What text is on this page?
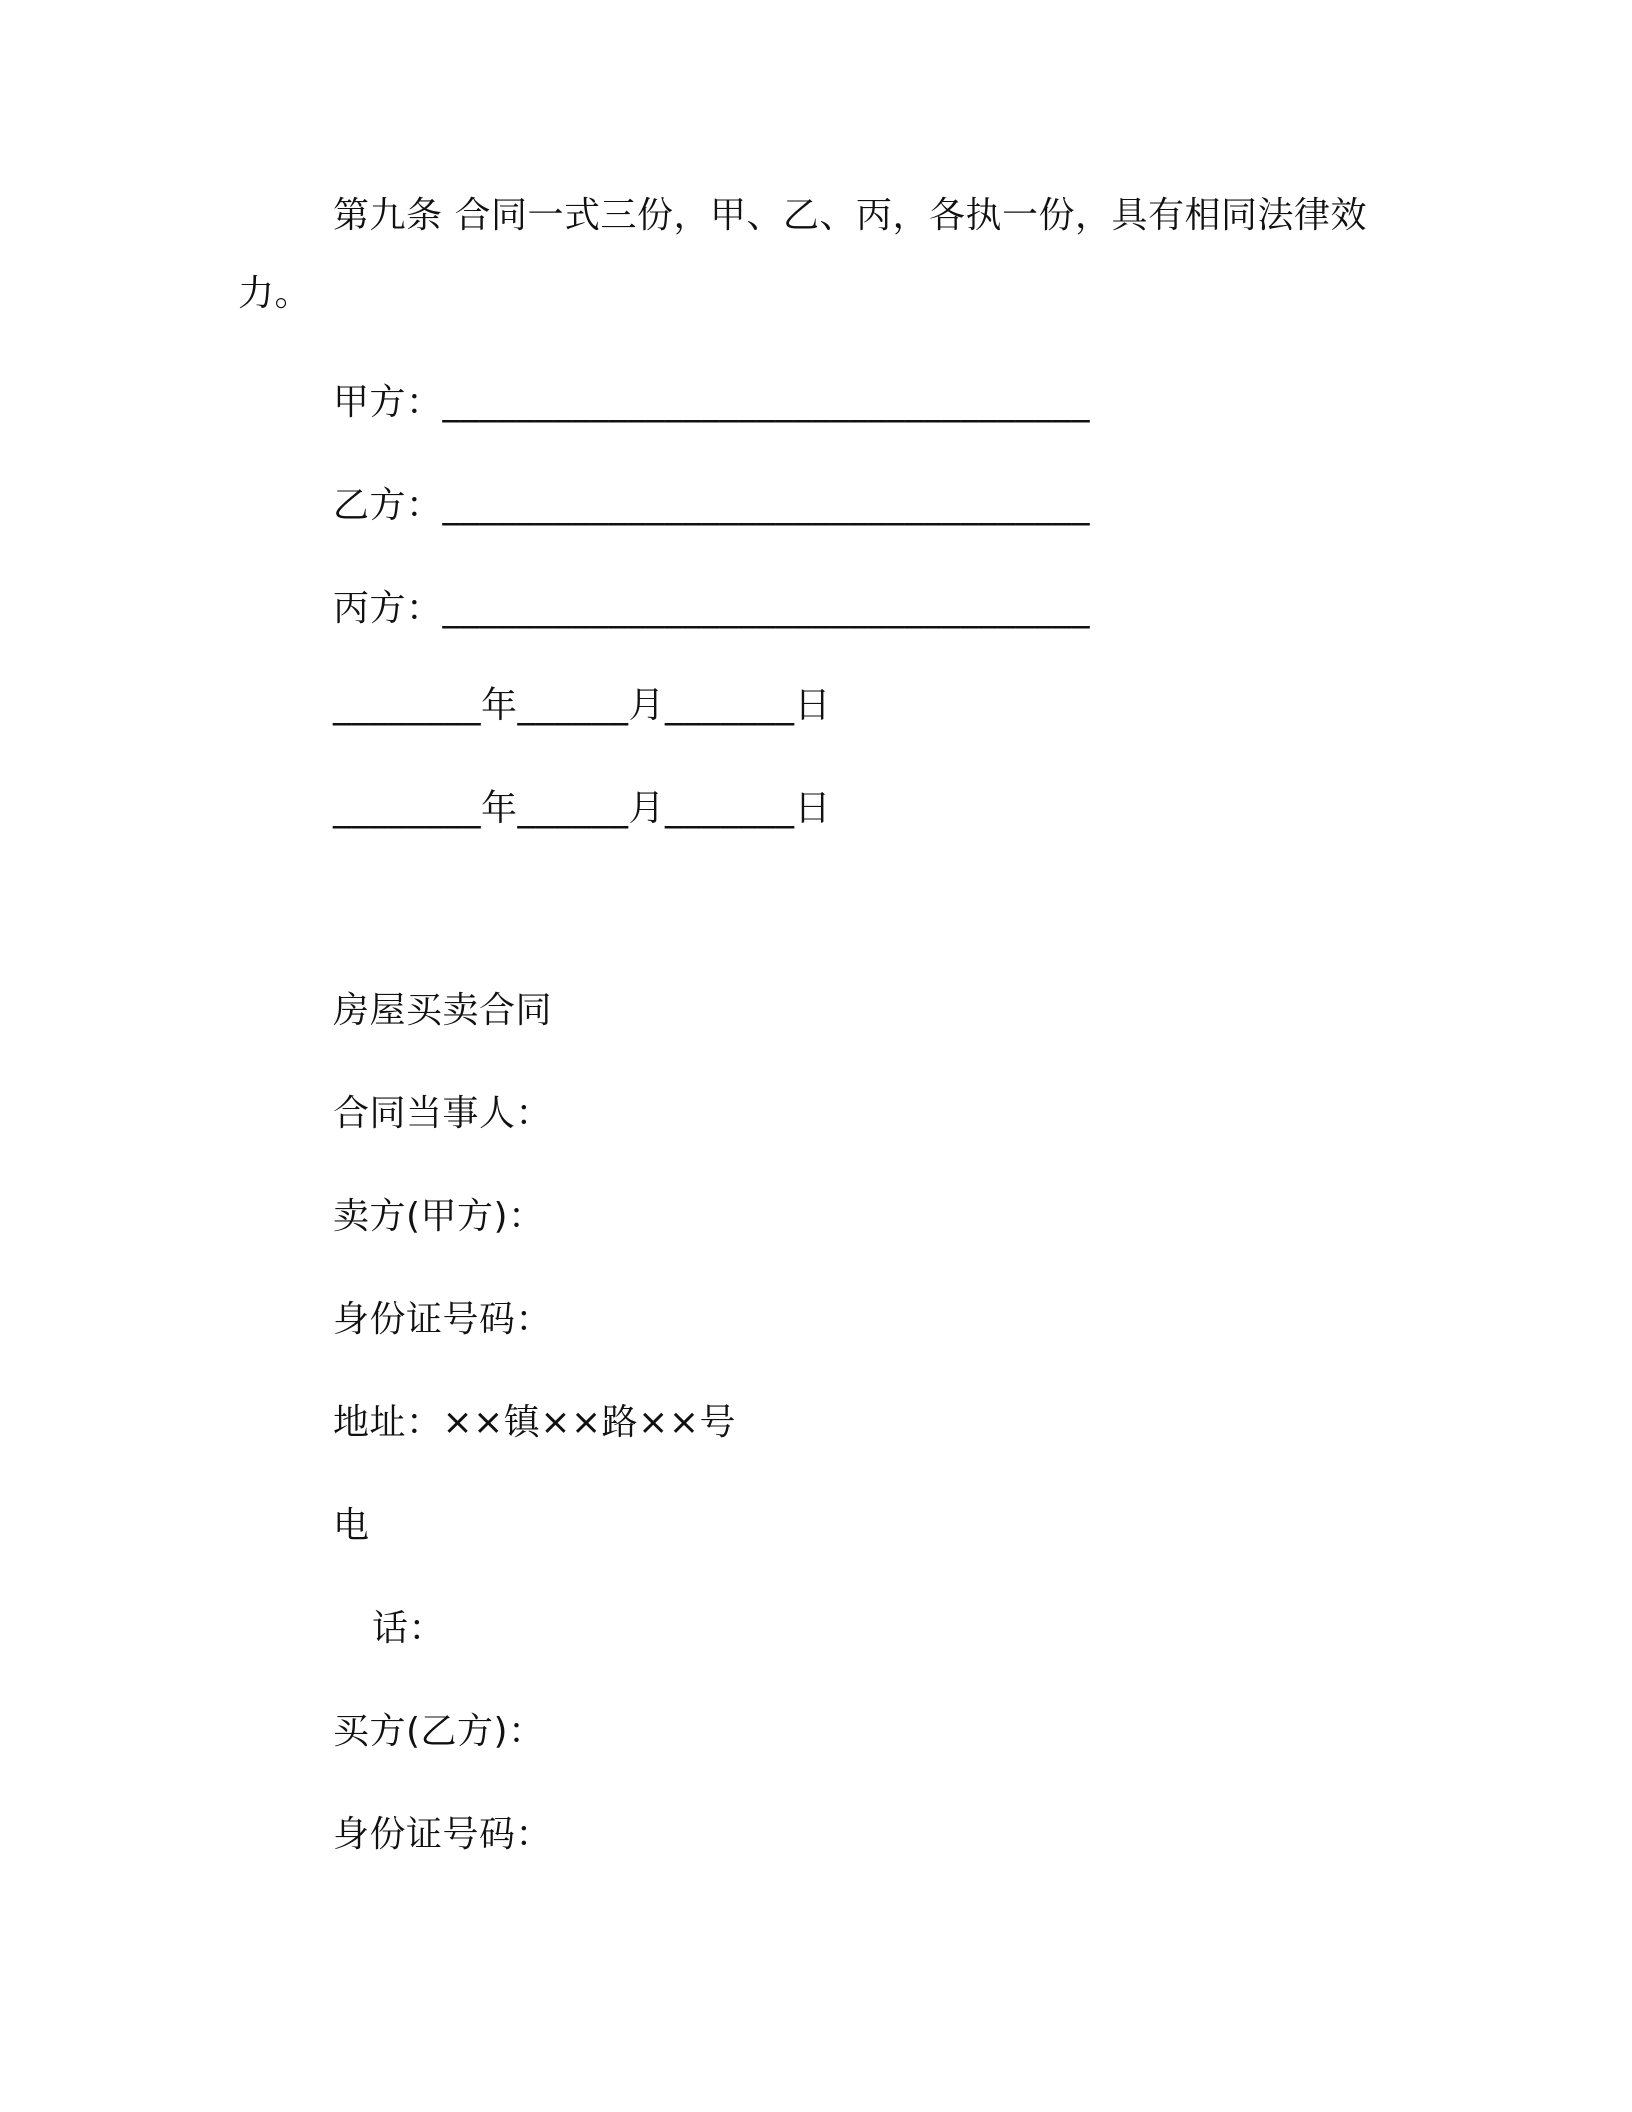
第九条 合同一式三份，甲、乙、丙，各执一份，具有相同法律效
力。
甲方：___________________________________
乙方：___________________________________
丙方：___________________________________
________年______月_______日
________年______月_______日
房屋买卖合同
合同当事人：
卖方(甲方)：
身份证号码：
地址：××镇××路××号
电
话：
买方(乙方)：
身份证号码：
